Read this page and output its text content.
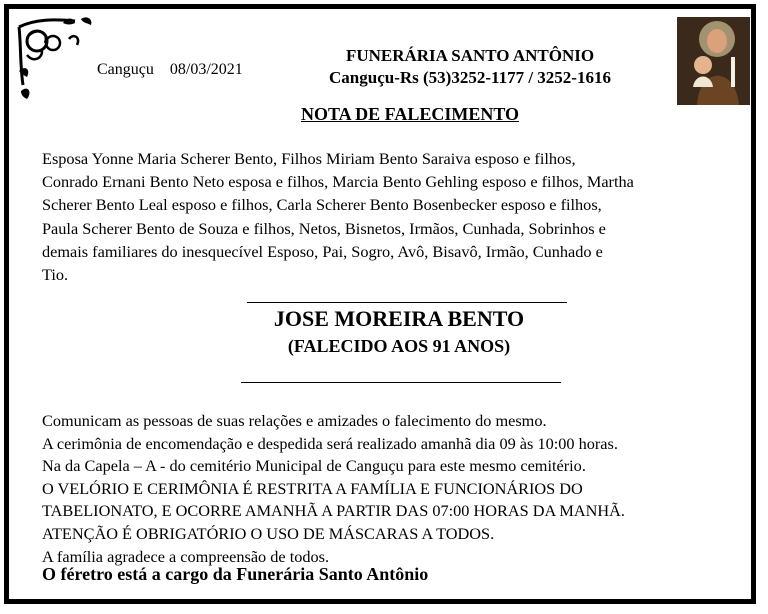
Canguçu 08/03/2021
FUNERÁRIA SANTO ANTÔNIO
Canguçu-Rs (53)3252-1177 / 3252-1616
NOTA DE FALECIMENTO
Esposa Yonne Maria Scherer Bento, Filhos Miriam Bento Saraiva esposo e filhos,
Conrado Ernani Bento Neto esposa e filhos, Marcia Bento Gehling esposo e filhos, Martha
Scherer Bento Leal esposo e filhos, Carla Scherer Bento Bosenbecker esposo e filhos,
Paula Scherer Bento de Souza e filhos, Netos, Bisnetos, Irmãos, Cunhada, Sobrinhos e
demais familiares do inesquecível Esposo, Pai, Sogro, Avô, Bisavô, Irmão, Cunhado e
Tio.
JOSE MOREIRA BENTO
(FALECIDO AOS 91 ANOS)
Comunicam as pessoas de suas relações e amizades o falecimento do mesmo.
A cerimônia de encomendação e despedida será realizado amanhã dia 09 às 10:00 horas.
Na da Capela – A - do cemitério Municipal de Canguçu para este mesmo cemitério.
O VELÓRIO E CERIMÔNIA É RESTRITA A FAMÍLIA E FUNCIONÁRIOS DO
TABELIONATO, E OCORRE AMANHÃ A PARTIR DAS 07:00 HORAS DA MANHÃ.
ATENÇÃO É OBRIGATÓRIO O USO DE MÁSCARAS A TODOS.
A família agradece a compreensão de todos.
O féretro está a cargo da Funerária Santo Antônio
